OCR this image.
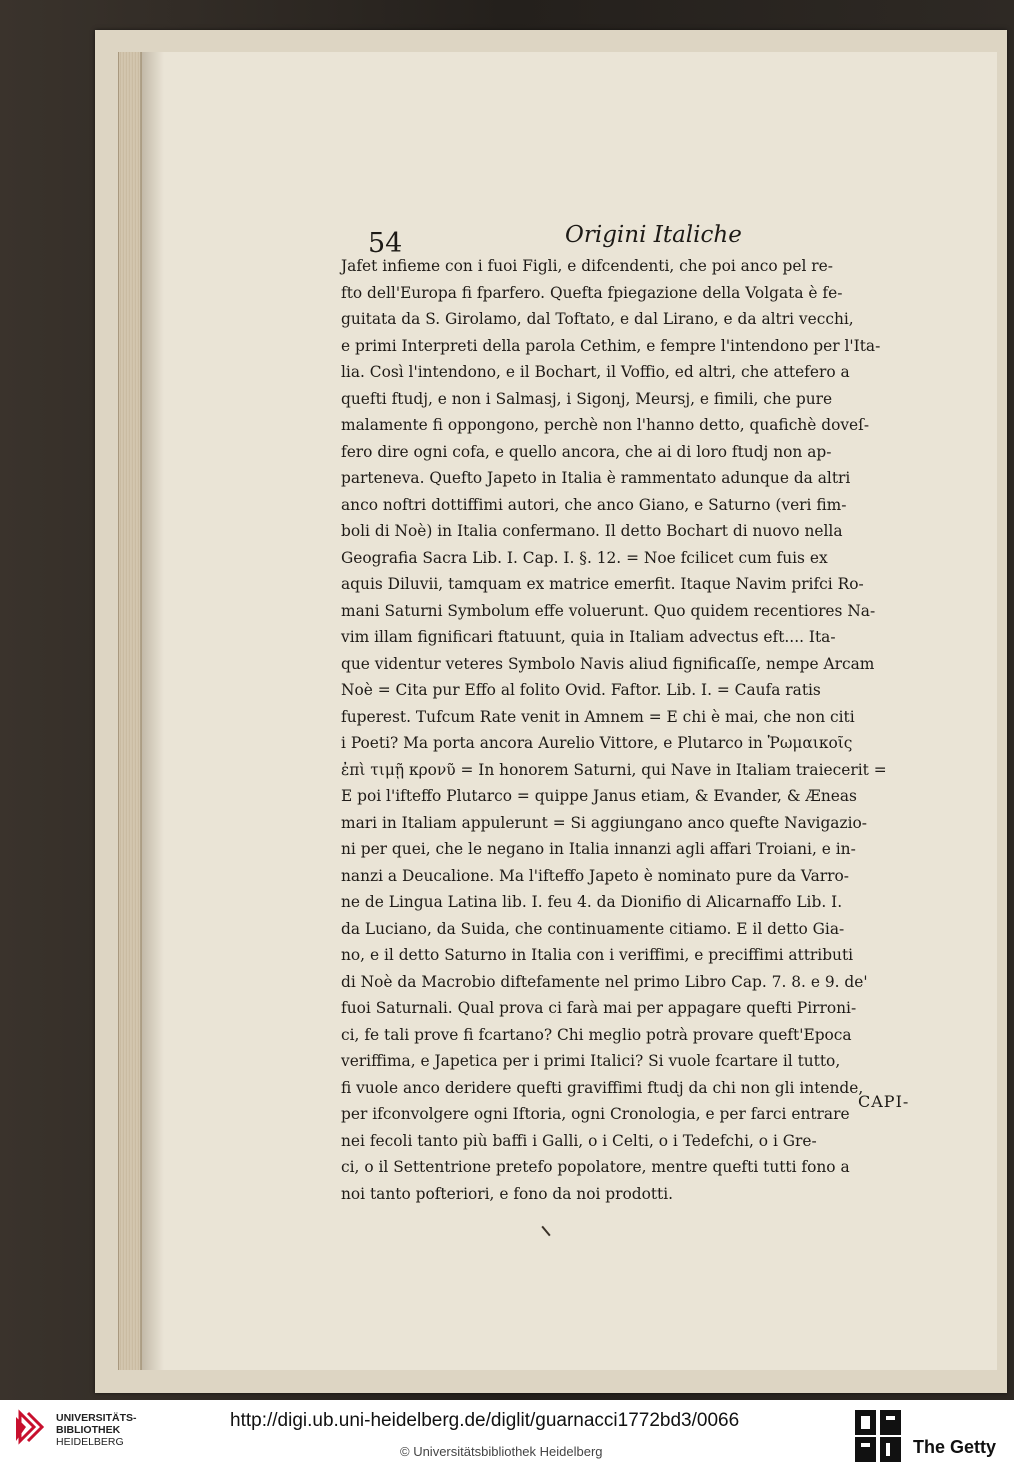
54	Origini Italiche
Jafet infieme con i fuoi Figli, e difcendenti, che poi anco pel re-
fto dell'Europa fi fparfero. Quefta fpiegazione della Volgata è fe-
guitata da S. Girolamo, dal Toftato, e dal Lirano, e da altri vecchi,
e primi Interpreti della parola Cethim, e fempre l'intendono per l'Ita-
lia. Così l'intendono, e il Bochart, il Voffio, ed altri, che attefero a
quefti ftudj, e non i Salmasj, i Sigonj, Meursj, e fimili, che pure
malamente fi oppongono, perchè non l'hanno detto, quafichè doveſ-
fero dire ogni cofa, e quello ancora, che ai di loro ftudj non ap-
parteneva. Quefto Japeto in Italia è rammentato adunque da altri
anco noftri dottiffimi autori, che anco Giano, e Saturno (veri fim-
boli di Noè) in Italia confermano. Il detto Bochart di nuovo nella
Geografia Sacra Lib. I. Cap. I. §. 12. = Noe fcilicet cum fuis ex
aquis Diluvii, tamquam ex matrice emerfit. Itaque Navim prifci Ro-
mani Saturni Symbolum effe voluerunt. Quo quidem recentiores Na-
vim illam fignificari ftatuunt, quia in Italiam advectus eft.... Ita-
que videntur veteres Symbolo Navis aliud fignificaſſe, nempe Arcam
Noè = Cita pur Effo al folito Ovid. Faftor. Lib. I. = Caufa ratis
fuperest. Tufcum Rate venit in Amnem = E chi è mai, che non citi
i Poeti? Ma porta ancora Aurelio Vittore, e Plutarco in Ῥωμαικοῖς
ἐπὶ τιμῇ κρονῦ = In honorem Saturni, qui Nave in Italiam traiecerit =
E poi l'ifteffo Plutarco = quippe Janus etiam, & Evander, & Æneas
mari in Italiam appulerunt = Si aggiungano anco quefte Navigazio-
ni per quei, che le negano in Italia innanzi agli affari Troiani, e in-
nanzi a Deucalione. Ma l'ifteffo Japeto è nominato pure da Varro-
ne de Lingua Latina lib. I. feu 4. da Dionifio di Alicarnaffo Lib. I.
da Luciano, da Suida, che continuamente citiamo. E il detto Gia-
no, e il detto Saturno in Italia con i veriffimi, e preciffimi attributi
di Noè da Macrobio diftefamente nel primo Libro Cap. 7. 8. e 9. de'
fuoi Saturnali. Qual prova ci farà mai per appagare quefti Pirroni-
ci, fe tali prove fi fcartano? Chi meglio potrà provare queft'Epoca
veriffima, e Japetica per i primi Italici? Si vuole fcartare il tutto,
fi vuole anco deridere quefti graviffimi ftudj da chi non gli intende,
per ifconvolgere ogni Iftoria, ogni Cronologia, e per farci entrare
nei fecoli tanto più baffi i Galli, o i Celti, o i Tedefchi, o i Gre-
ci, o il Settentrione pretefo popolatore, mentre quefti tutti fono a
noi tanto pofteriori, e fono da noi prodotti.
CAPI-
UNIVERSITÄTS-
BIBLIOTHEK
HEIDELBERG
http://digi.ub.uni-heidelberg.de/diglit/guarnacci1772bd3/0066
© Universitätsbibliothek Heidelberg	The Getty
